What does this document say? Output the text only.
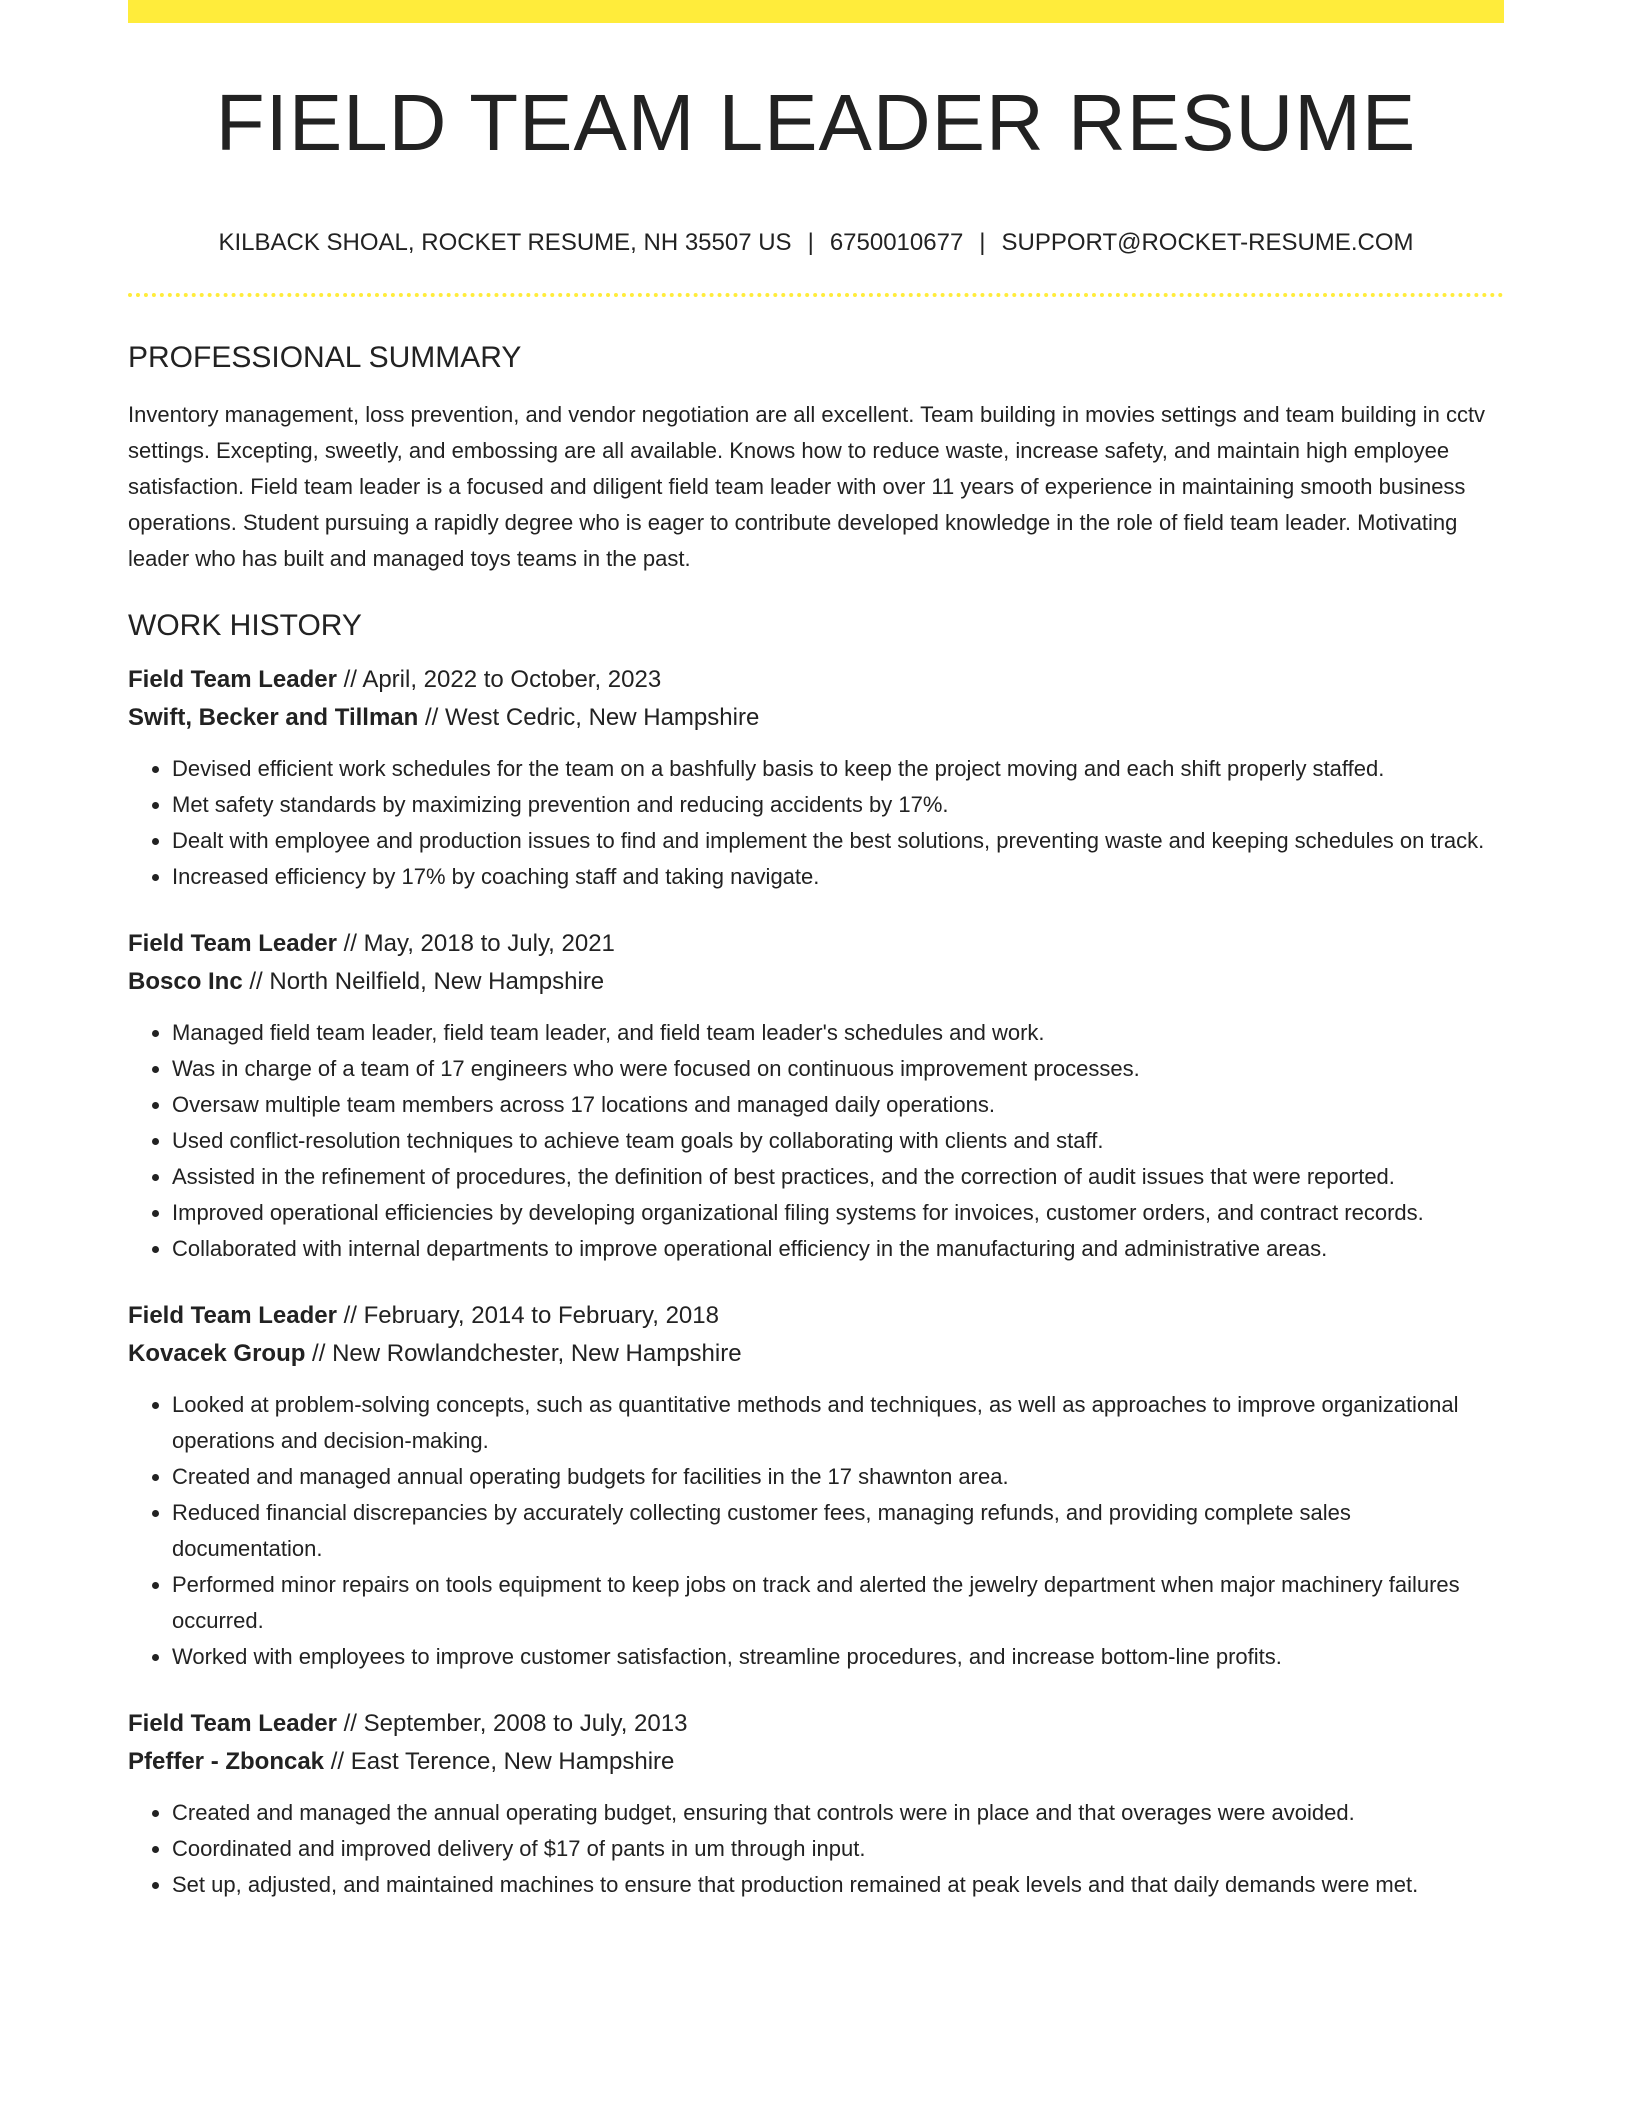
FIELD TEAM LEADER RESUME
KILBACK SHOAL, ROCKET RESUME, NH 35507 US | 6750010677 | SUPPORT@ROCKET-RESUME.COM
PROFESSIONAL SUMMARY

Inventory management, loss prevention, and vendor negotiation are all excellent. Team building in movies settings and team building in cctv settings. Excepting, sweetly, and embossing are all available. Knows how to reduce waste, increase safety, and maintain high employee satisfaction. Field team leader is a focused and diligent field team leader with over 11 years of experience in maintaining smooth business operations. Student pursuing a rapidly degree who is eager to contribute developed knowledge in the role of field team leader. Motivating leader who has built and managed toys teams in the past.

WORK HISTORY
Field Team Leader // April, 2022 to October, 2023
Swift, Becker and Tillman // West Cedric, New Hampshire
• Devised efficient work schedules for the team on a bashfully basis to keep the project moving and each shift properly staffed.
• Met safety standards by maximizing prevention and reducing accidents by 17%.
• Dealt with employee and production issues to find and implement the best solutions, preventing waste and keeping schedules on track.
• Increased efficiency by 17% by coaching staff and taking navigate.
Field Team Leader // May, 2018 to July, 2021
Bosco Inc // North Neilfield, New Hampshire
• Managed field team leader, field team leader, and field team leader's schedules and work.
• Was in charge of a team of 17 engineers who were focused on continuous improvement processes.
• Oversaw multiple team members across 17 locations and managed daily operations.
• Used conflict-resolution techniques to achieve team goals by collaborating with clients and staff.
• Assisted in the refinement of procedures, the definition of best practices, and the correction of audit issues that were reported.
• Improved operational efficiencies by developing organizational filing systems for invoices, customer orders, and contract records.
• Collaborated with internal departments to improve operational efficiency in the manufacturing and administrative areas.
Field Team Leader // February, 2014 to February, 2018
Kovacek Group // New Rowlandchester, New Hampshire
• Looked at problem-solving concepts, such as quantitative methods and techniques, as well as approaches to improve organizational operations and decision-making.
• Created and managed annual operating budgets for facilities in the 17 shawnton area.
• Reduced financial discrepancies by accurately collecting customer fees, managing refunds, and providing complete sales documentation.
• Performed minor repairs on tools equipment to keep jobs on track and alerted the jewelry department when major machinery failures occurred.
• Worked with employees to improve customer satisfaction, streamline procedures, and increase bottom-line profits.
Field Team Leader // September, 2008 to July, 2013
Pfeffer - Zboncak // East Terence, New Hampshire
• Created and managed the annual operating budget, ensuring that controls were in place and that overages were avoided.
• Coordinated and improved delivery of $17 of pants in um through input.
• Set up, adjusted, and maintained machines to ensure that production remained at peak levels and that daily demands were met.
